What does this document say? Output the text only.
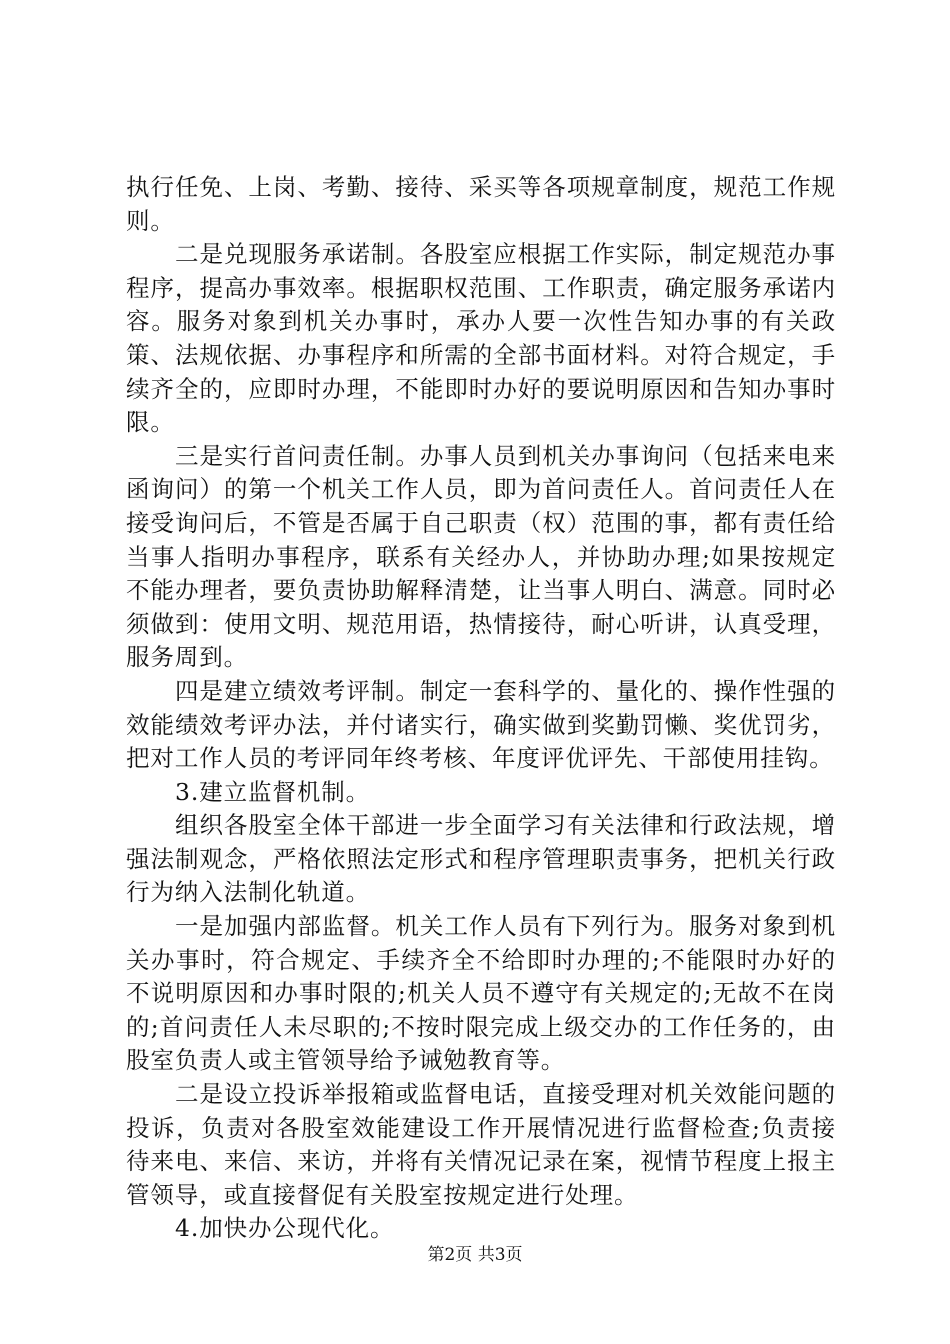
执行任免、上岗、考勤、接待、采买等各项规章制度，规范工作规则。

二是兑现服务承诺制。各股室应根据工作实际，制定规范办事程序，提高办事效率。根据职权范围、工作职责，确定服务承诺内容。服务对象到机关办事时，承办人要一次性告知办事的有关政策、法规依据、办事程序和所需的全部书面材料。对符合规定，手续齐全的，应即时办理，不能即时办好的要说明原因和告知办事时限。

三是实行首问责任制。办事人员到机关办事询问（包括来电来函询问）的第一个机关工作人员，即为首问责任人。首问责任人在接受询问后，不管是否属于自己职责（权）范围的事，都有责任给当事人指明办事程序，联系有关经办人，并协助办理;如果按规定不能办理者，要负责协助解释清楚，让当事人明白、满意。同时必须做到：使用文明、规范用语，热情接待，耐心听讲，认真受理，服务周到。

四是建立绩效考评制。制定一套科学的、量化的、操作性强的效能绩效考评办法，并付诸实行，确实做到奖勤罚懒、奖优罚劣，把对工作人员的考评同年终考核、年度评优评先、干部使用挂钩。

3.建立监督机制。

组织各股室全体干部进一步全面学习有关法律和行政法规，增强法制观念，严格依照法定形式和程序管理职责事务，把机关行政行为纳入法制化轨道。

一是加强内部监督。机关工作人员有下列行为。服务对象到机关办事时，符合规定、手续齐全不给即时办理的;不能限时办好的不说明原因和办事时限的;机关人员不遵守有关规定的;无故不在岗的;首问责任人未尽职的;不按时限完成上级交办的工作任务的，由股室负责人或主管领导给予诫勉教育等。

二是设立投诉举报箱或监督电话，直接受理对机关效能问题的投诉，负责对各股室效能建设工作开展情况进行监督检查;负责接待来电、来信、来访，并将有关情况记录在案，视情节程度上报主管领导，或直接督促有关股室按规定进行处理。

4.加快办公现代化。

第2页 共3页
